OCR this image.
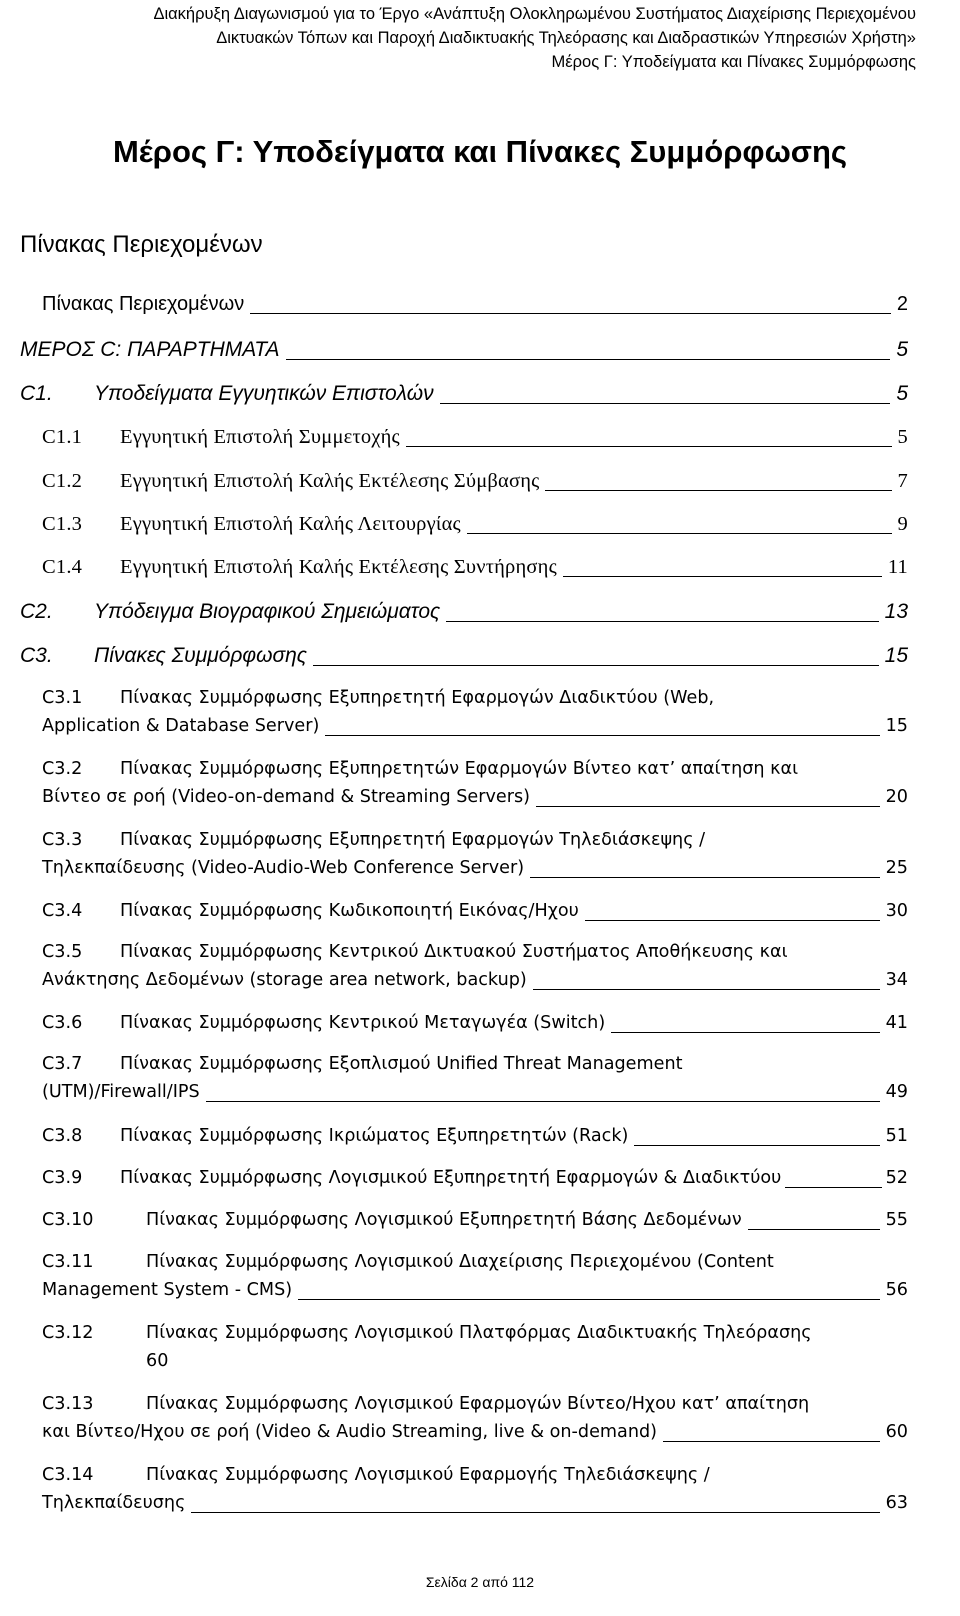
Διακήρυξη Διαγωνισμού για το Έργο «Ανάπτυξη Ολοκληρωμένου Συστήματος Διαχείρισης Περιεχομένου
Δικτυακών Τόπων και Παροχή Διαδικτυακής Τηλεόρασης και Διαδραστικών Υπηρεσιών Χρήστη»
Μέρος Γ: Υποδείγματα και Πίνακες Συμμόρφωσης
Μέρος Γ: Υποδείγματα και Πίνακες Συμμόρφωσης
Πίνακας Περιεχομένων
Πίνακας Περιεχομένων	2
ΜΕΡΟΣ C: ΠΑΡΑΡΤΗΜΑΤΑ	5
C1. Υποδείγματα Εγγυητικών Επιστολών	5
C1.1 Εγγυητική Επιστολή Συμμετοχής	5
C1.2 Εγγυητική Επιστολή Καλής Εκτέλεσης Σύμβασης	7
C1.3 Εγγυητική Επιστολή Καλής Λειτουργίας	9
C1.4 Εγγυητική Επιστολή Καλής Εκτέλεσης Συντήρησης	11
C2. Υπόδειγμα Βιογραφικού Σημειώματος	13
C3. Πίνακες Συμμόρφωσης	15
C3.1 Πίνακας Συμμόρφωσης Εξυπηρετητή Εφαρμογών Διαδικτύου (Web,
Application & Database Server)	15
C3.2 Πίνακας Συμμόρφωσης Εξυπηρετητών Εφαρμογών Βίντεο κατ’ απαίτηση και
Βίντεο σε ροή (Video-on-demand & Streaming Servers)	20
C3.3 Πίνακας Συμμόρφωσης Εξυπηρετητή Εφαρμογών Τηλεδιάσκεψης /
Τηλεκπαίδευσης (Video-Audio-Web Conference Server)	25
C3.4 Πίνακας Συμμόρφωσης Κωδικοποιητή Εικόνας/Ηχου	30
C3.5 Πίνακας Συμμόρφωσης Κεντρικού Δικτυακού Συστήματος Αποθήκευσης και
Ανάκτησης Δεδομένων (storage area network, backup)	34
C3.6 Πίνακας Συμμόρφωσης Κεντρικού Μεταγωγέα (Switch)	41
C3.7 Πίνακας Συμμόρφωσης Εξοπλισμού Unified Threat Management
(UTM)/Firewall/IPS	49
C3.8 Πίνακας Συμμόρφωσης Ικριώματος Εξυπηρετητών (Rack)	51
C3.9 Πίνακας Συμμόρφωσης Λογισμικού Εξυπηρετητή Εφαρμογών & Διαδικτύου	52
C3.10	Πίνακας Συμμόρφωσης Λογισμικού Εξυπηρετητή Βάσης Δεδομένων	55
C3.11	Πίνακας Συμμόρφωσης Λογισμικού Διαχείρισης Περιεχομένου (Content
Management System - CMS)	56
C3.12	Πίνακας Συμμόρφωσης Λογισμικού Πλατφόρμας Διαδικτυακής Τηλεόρασης
60
C3.13	Πίνακας Συμμόρφωσης Λογισμικού Εφαρμογών Βίντεο/Ηχου κατ’ απαίτηση
και Βίντεο/Ηχου σε ροή (Video & Audio Streaming, live & on-demand)	60
C3.14	Πίνακας Συμμόρφωσης Λογισμικού Εφαρμογής Τηλεδιάσκεψης /
Τηλεκπαίδευσης	63
Σελίδα 2 από 112
